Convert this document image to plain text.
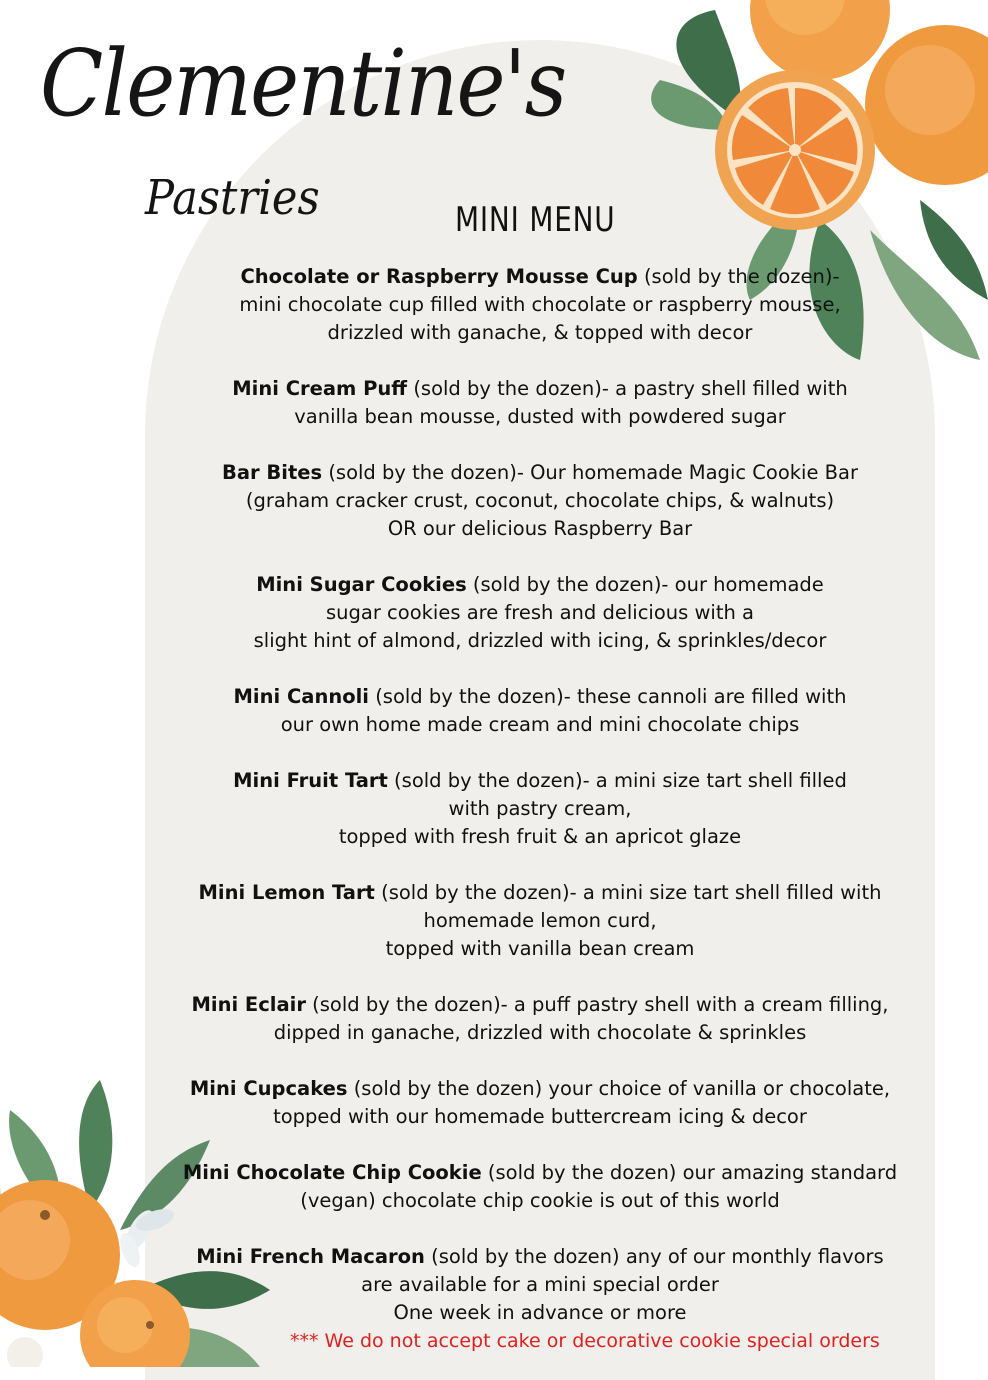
Clementine's
Pastries	MINI MENU
Chocolate or Raspberry Mousse Cup (sold by the dozen)-
mini chocolate cup filled with chocolate or raspberry mousse,
drizzled with ganache, & topped with decor
Mini Cream Puff (sold by the dozen)- a pastry shell filled with
vanilla bean mousse, dusted with powdered sugar
Bar Bites (sold by the dozen)- Our homemade Magic Cookie Bar
(graham cracker crust, coconut, chocolate chips, & walnuts)
OR our delicious Raspberry Bar
Mini Sugar Cookies (sold by the dozen)- our homemade
sugar cookies are fresh and delicious with a
slight hint of almond, drizzled with icing, & sprinkles/decor
Mini Cannoli (sold by the dozen)- these cannoli are filled with
our own home made cream and mini chocolate chips
Mini Fruit Tart (sold by the dozen)- a mini size tart shell filled
with pastry cream,
topped with fresh fruit & an apricot glaze
Mini Lemon Tart (sold by the dozen)- a mini size tart shell filled with
homemade lemon curd,
topped with vanilla bean cream
Mini Eclair (sold by the dozen)- a puff pastry shell with a cream filling,
dipped in ganache, drizzled with chocolate & sprinkles
Mini Cupcakes (sold by the dozen) your choice of vanilla or chocolate,
topped with our homemade buttercream icing & decor
Mini Chocolate Chip Cookie (sold by the dozen) our amazing standard
(vegan) chocolate chip cookie is out of this world
Mini French Macaron (sold by the dozen) any of our monthly flavors
are available for a mini special order
One week in advance or more
*** We do not accept cake or decorative cookie special orders
